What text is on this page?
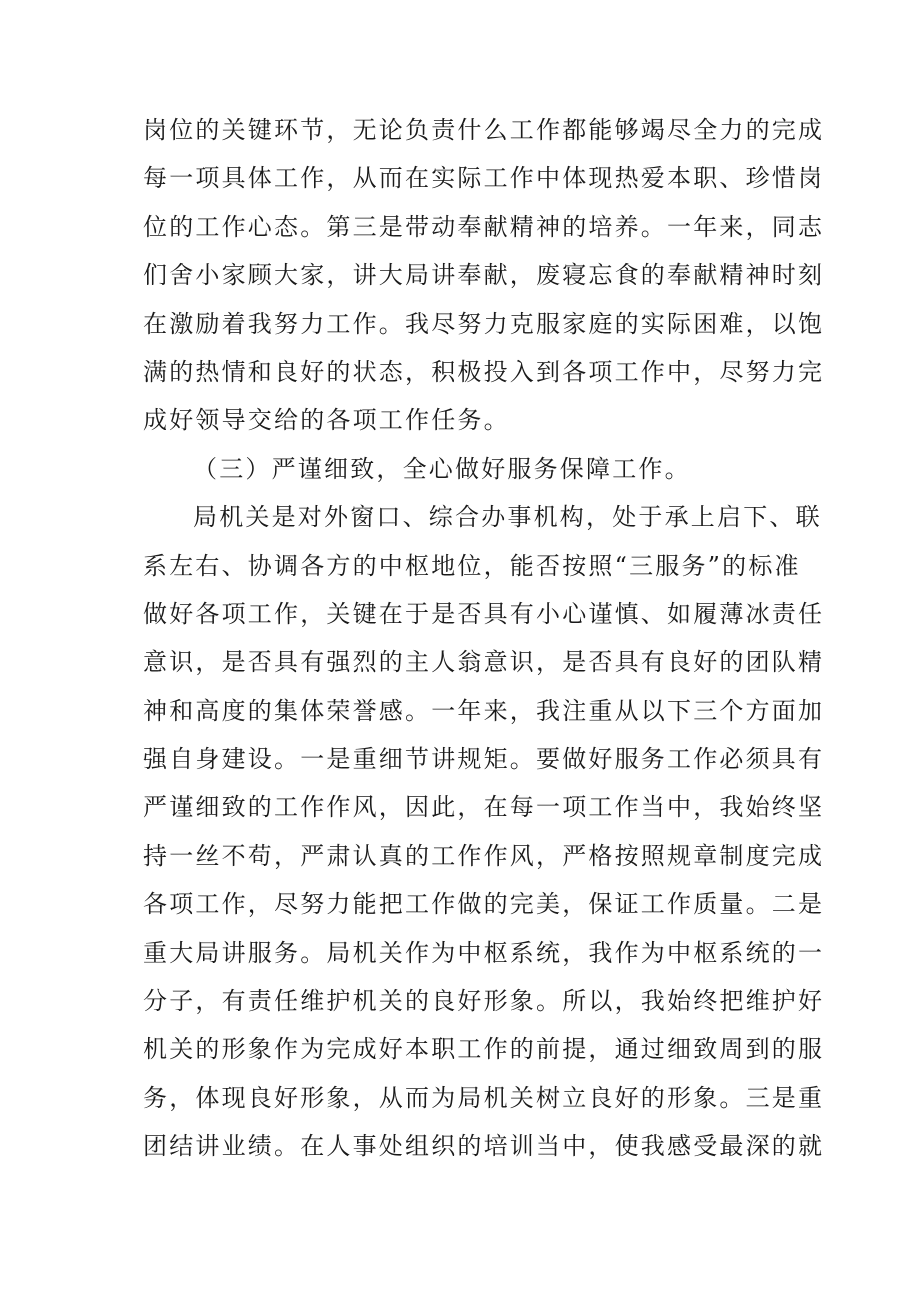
岗位的关键环节，无论负责什么工作都能够竭尽全力的完成
每一项具体工作，从而在实际工作中体现热爱本职、珍惜岗
位的工作心态。第三是带动奉献精神的培养。一年来，同志
们舍小家顾大家，讲大局讲奉献，废寝忘食的奉献精神时刻
在激励着我努力工作。我尽努力克服家庭的实际困难，以饱
满的热情和良好的状态，积极投入到各项工作中，尽努力完
成好领导交给的各项工作任务。
（三）严谨细致，全心做好服务保障工作。
局机关是对外窗口、综合办事机构，处于承上启下、联
系左右、协调各方的中枢地位，能否按照“三服务”的标准
做好各项工作，关键在于是否具有小心谨慎、如履薄冰责任
意识，是否具有强烈的主人翁意识，是否具有良好的团队精
神和高度的集体荣誉感。一年来，我注重从以下三个方面加
强自身建设。一是重细节讲规矩。要做好服务工作必须具有
严谨细致的工作作风，因此，在每一项工作当中，我始终坚
持一丝不苟，严肃认真的工作作风，严格按照规章制度完成
各项工作，尽努力能把工作做的完美，保证工作质量。二是
重大局讲服务。局机关作为中枢系统，我作为中枢系统的一
分子，有责任维护机关的良好形象。所以，我始终把维护好
机关的形象作为完成好本职工作的前提，通过细致周到的服
务，体现良好形象，从而为局机关树立良好的形象。三是重
团结讲业绩。在人事处组织的培训当中，使我感受最深的就
